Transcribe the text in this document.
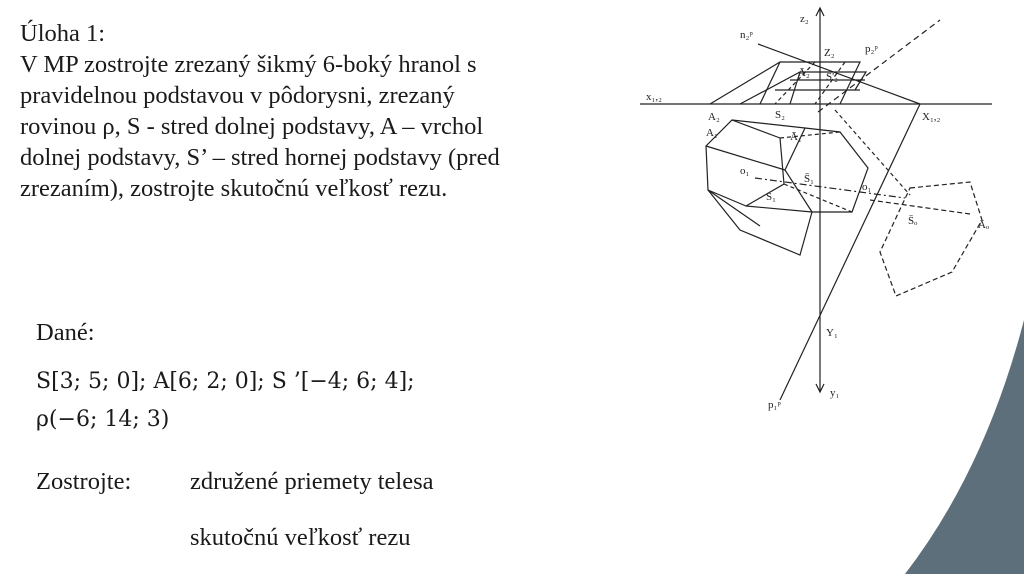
Úloha 1:
V MP zostrojte zrezaný šikmý 6-boký hranol s
pravidelnou podstavou v pôdorysni, zrezaný
rovinou ρ, S - stred dolnej podstavy, A – vrchol
dolnej podstavy, S’ – stred hornej podstavy (pred
zrezaním), zostrojte skutočnú veľkosť rezu.
Dané:
S[3; 5; 0]; A[6; 2; 0]; S ’[−4; 6; 4];
ρ(−6; 14; 3)
Zostrojte: združené priemety telesa
skutočnú veľkosť rezu
z₂
n₂ᵖ
Z₂	p₂ᵖ
x₁,₂
A₂	S₂	X₁,₂
Ā₂ S'₂
A₁	Ā₁
o₁
o₁
S̄₁
S₁
S̄ₒ	Āₒ
Y₁
y₁
p₁ᵖ
